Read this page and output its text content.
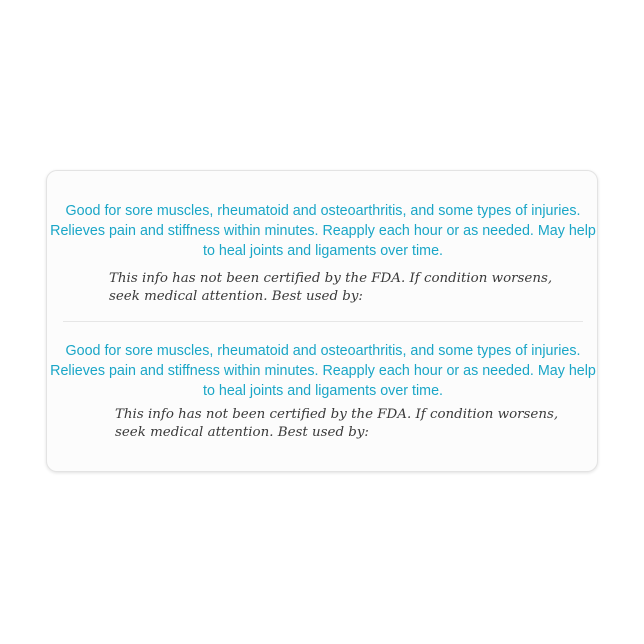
Good for sore muscles, rheumatoid and osteoarthritis, and some types of injuries. Relieves pain and stiffness within minutes. Reapply each hour or as needed. May help to heal joints and ligaments over time.

This info has not been certified by the FDA. If condition worsens, seek medical attention. Best used by:

Good for sore muscles, rheumatoid and osteoarthritis, and some types of injuries. Relieves pain and stiffness within minutes. Reapply each hour or as needed. May help to heal joints and ligaments over time.

This info has not been certified by the FDA. If condition worsens, seek medical attention. Best used by:
